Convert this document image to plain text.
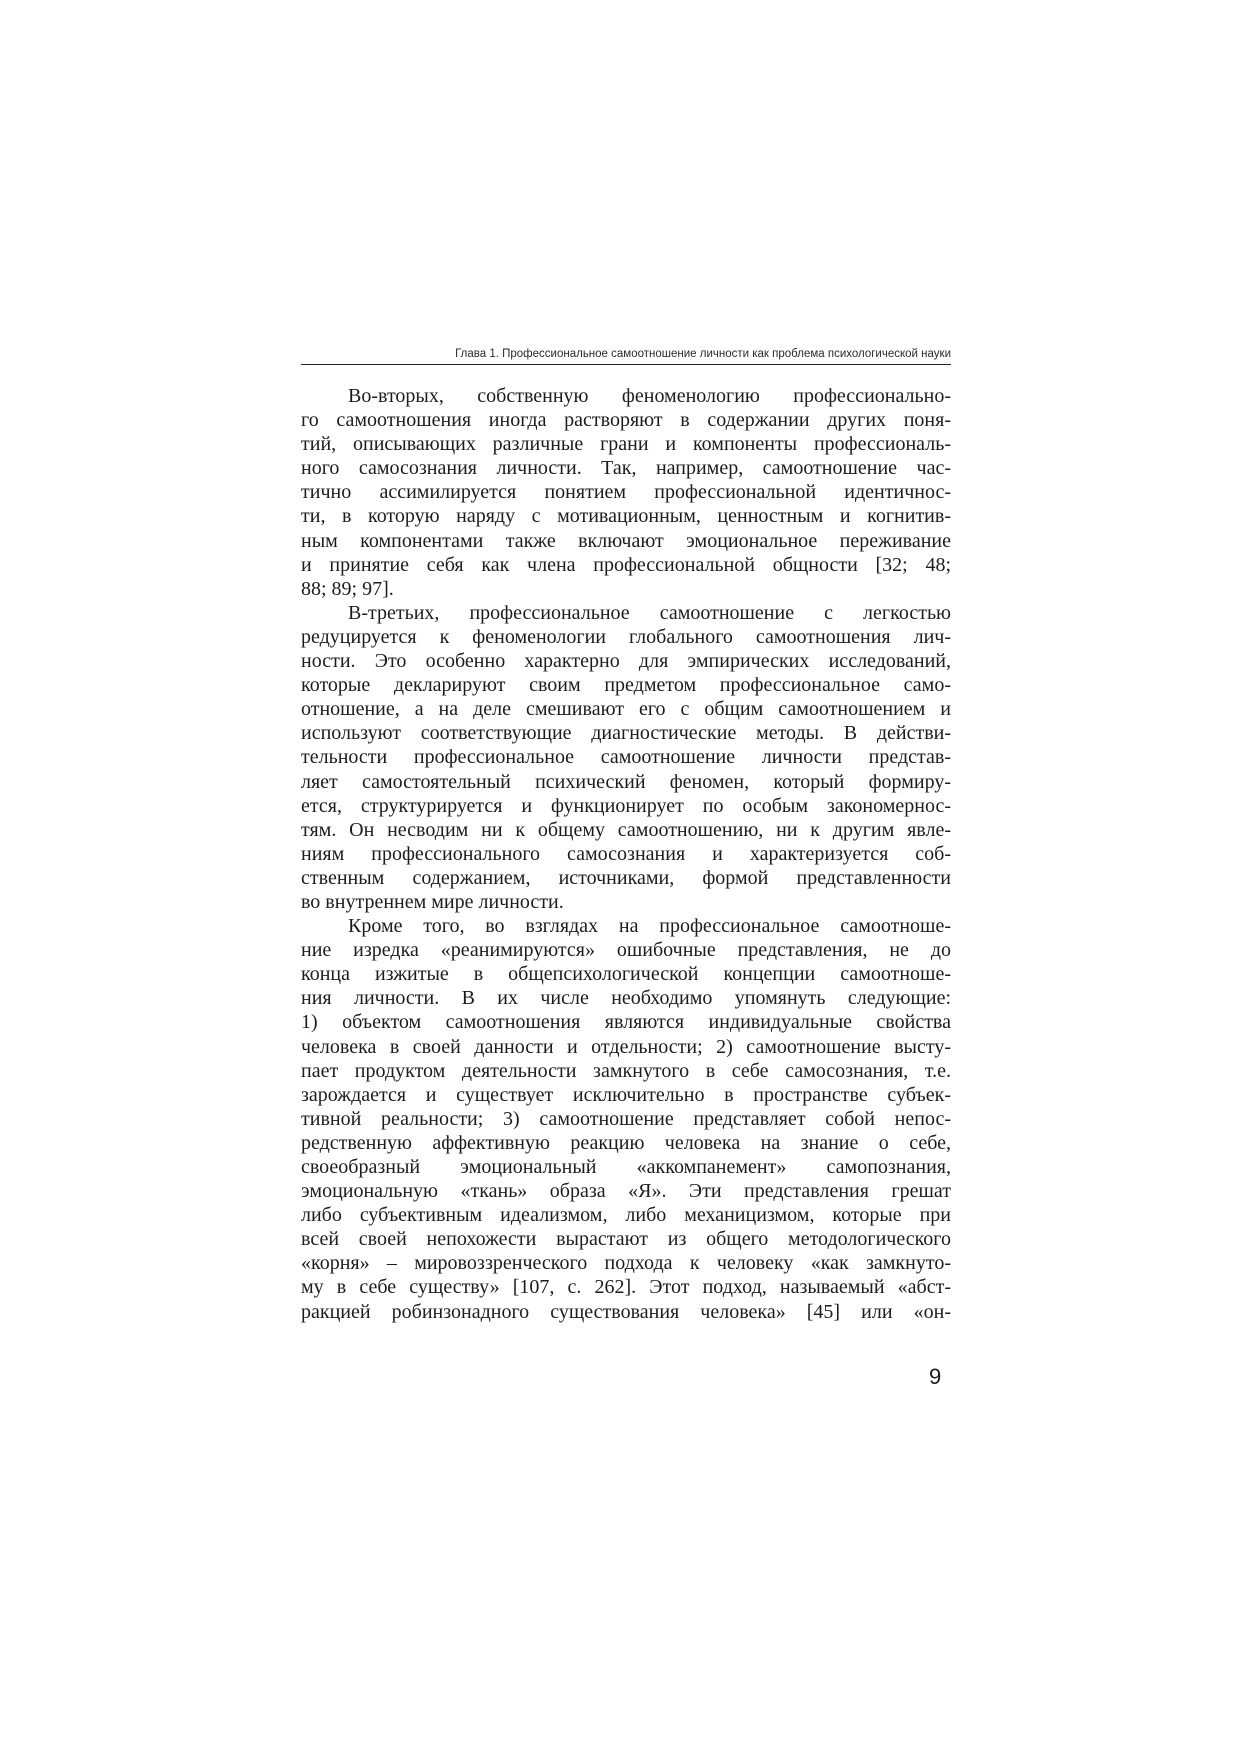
Глава 1. Профессиональное самоотношение личности как проблема психологической науки
Во-вторых, собственную феноменологию профессионально-
го самоотношения иногда растворяют в содержании других поня-
тий, описывающих различные грани и компоненты профессиональ-
ного самосознания личности. Так, например, самоотношение час-
тично ассимилируется понятием профессиональной идентичнос-
ти, в которую наряду с мотивационным, ценностным и когнитив-
ным компонентами также включают эмоциональное переживание
и принятие себя как члена профессиональной общности [32; 48;
88; 89; 97].
В-третьих, профессиональное самоотношение с легкостью
редуцируется к феноменологии глобального самоотношения лич-
ности. Это особенно характерно для эмпирических исследований,
которые декларируют своим предметом профессиональное само-
отношение, а на деле смешивают его с общим самоотношением и
используют соответствующие диагностические методы. В действи-
тельности профессиональное самоотношение личности представ-
ляет самостоятельный психический феномен, который формиру-
ется, структурируется и функционирует по особым закономернос-
тям. Он несводим ни к общему самоотношению, ни к другим явле-
ниям профессионального самосознания и характеризуется соб-
ственным содержанием, источниками, формой представленности
во внутреннем мире личности.
Кроме того, во взглядах на профессиональное самоотноше-
ние изредка «реанимируются» ошибочные представления, не до
конца изжитые в общепсихологической концепции самоотноше-
ния личности. В их числе необходимо упомянуть следующие:
1) объектом самоотношения являются индивидуальные свойства
человека в своей данности и отдельности; 2) самоотношение высту-
пает продуктом деятельности замкнутого в себе самосознания, т.е.
зарождается и существует исключительно в пространстве субъек-
тивной реальности; 3) самоотношение представляет собой непос-
редственную аффективную реакцию человека на знание о себе,
своеобразный эмоциональный «аккомпанемент» самопознания,
эмоциональную «ткань» образа «Я». Эти представления грешат
либо субъективным идеализмом, либо механицизмом, которые при
всей своей непохожести вырастают из общего методологического
«корня» – мировоззренческого подхода к человеку «как замкнуто-
му в себе существу» [107, с. 262]. Этот подход, называемый «абст-
ракцией робинзонадного существования человека» [45] или «он-
9
